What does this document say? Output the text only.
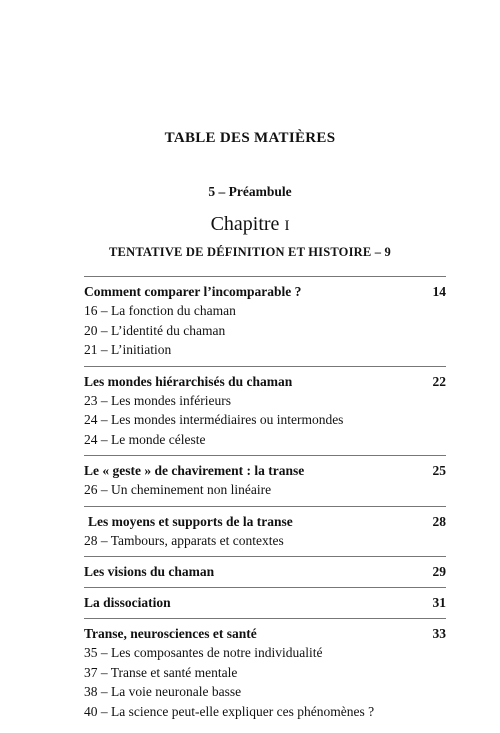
TABLE DES MATIÈRES
5 – Préambule
Chapitre I
TENTATIVE DE DÉFINITION ET HISTOIRE – 9
Comment comparer l’incomparable ?	14
16 – La fonction du chaman
20 – L’identité du chaman
21 – L’initiation
Les mondes hiérarchisés du chaman	22
23 – Les mondes inférieurs
24 – Les mondes intermédiaires ou intermondes
24 – Le monde céleste
Le « geste » de chavirement : la transe	25
26 – Un cheminement non linéaire
Les moyens et supports de la transe	28
28 – Tambours, apparats et contextes
Les visions du chaman	29
La dissociation	31
Transe, neurosciences et santé	33
35 – Les composantes de notre individualité
37 – Transe et santé mentale
38 – La voie neuronale basse
40 – La science peut-elle expliquer ces phénomènes ?
